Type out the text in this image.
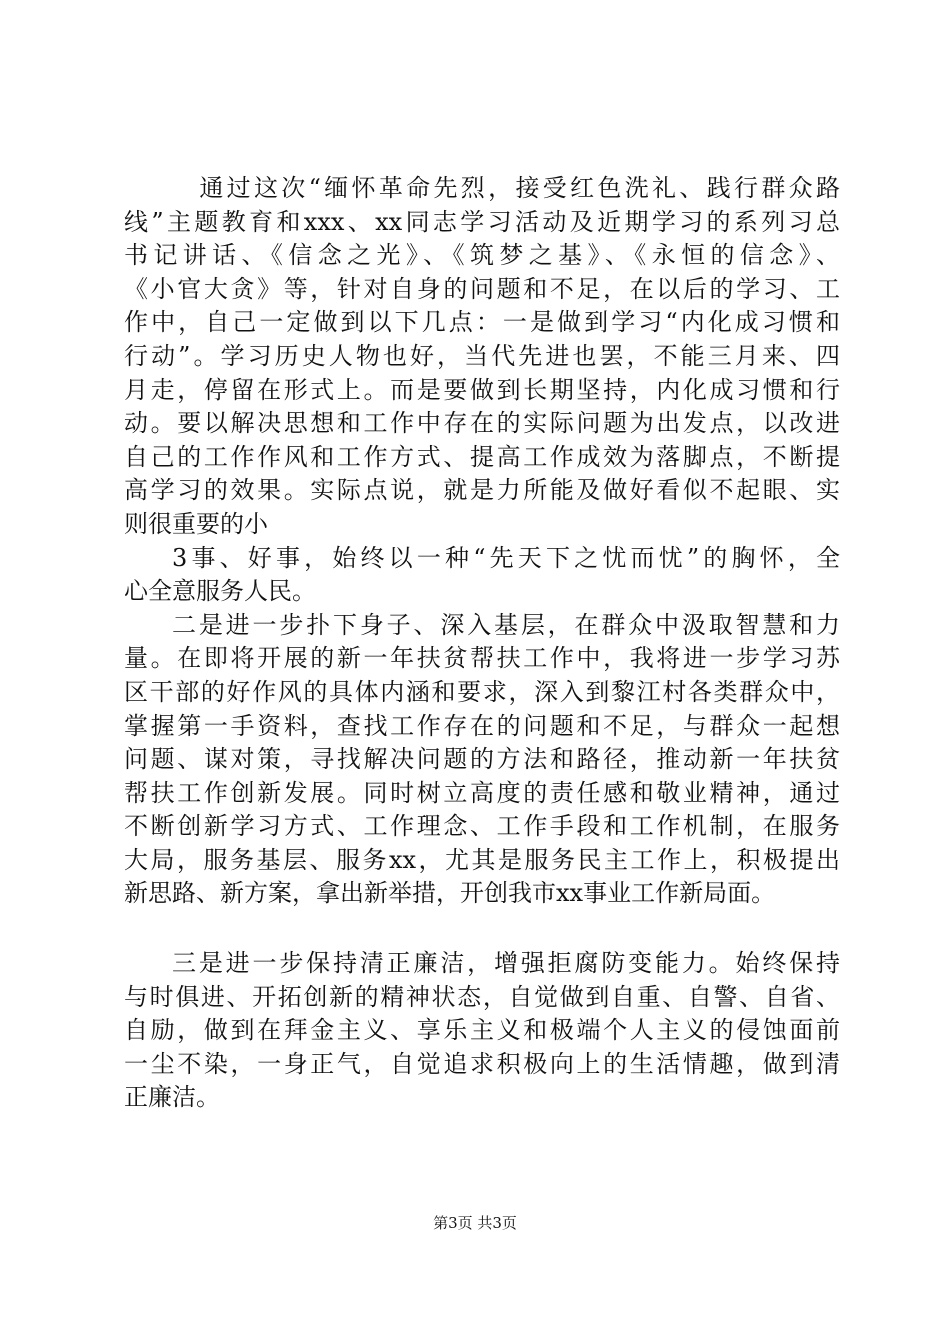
　通过这次“缅怀革命先烈，接受红色洗礼、践行群众路
线”主题教育和xxx、xx同志学习活动及近期学习的系列习总
书记讲话、《信念之光》、《筑梦之基》、《永恒的信念》、
《小官大贪》等，针对自身的问题和不足，在以后的学习、工
作中，自己一定做到以下几点：一是做到学习“内化成习惯和
行动”。学习历史人物也好，当代先进也罢，不能三月来、四
月走，停留在形式上。而是要做到长期坚持，内化成习惯和行
动。要以解决思想和工作中存在的实际问题为出发点，以改进
自己的工作作风和工作方式、提高工作成效为落脚点，不断提
高学习的效果。实际点说，就是力所能及做好看似不起眼、实
则很重要的小
3事、好事，始终以一种“先天下之忧而忧”的胸怀，全
心全意服务人民。
二是进一步扑下身子、深入基层，在群众中汲取智慧和力
量。在即将开展的新一年扶贫帮扶工作中，我将进一步学习苏
区干部的好作风的具体内涵和要求，深入到黎江村各类群众中，
掌握第一手资料，查找工作存在的问题和不足，与群众一起想
问题、谋对策，寻找解决问题的方法和路径，推动新一年扶贫
帮扶工作创新发展。同时树立高度的责任感和敬业精神，通过
不断创新学习方式、工作理念、工作手段和工作机制，在服务
大局，服务基层、服务xx，尤其是服务民主工作上，积极提出
新思路、新方案，拿出新举措，开创我市xx事业工作新局面。
三是进一步保持清正廉洁，增强拒腐防变能力。始终保持
与时俱进、开拓创新的精神状态，自觉做到自重、自警、自省、
自励，做到在拜金主义、享乐主义和极端个人主义的侵蚀面前
一尘不染，一身正气，自觉追求积极向上的生活情趣，做到清
正廉洁。
第3页 共3页
